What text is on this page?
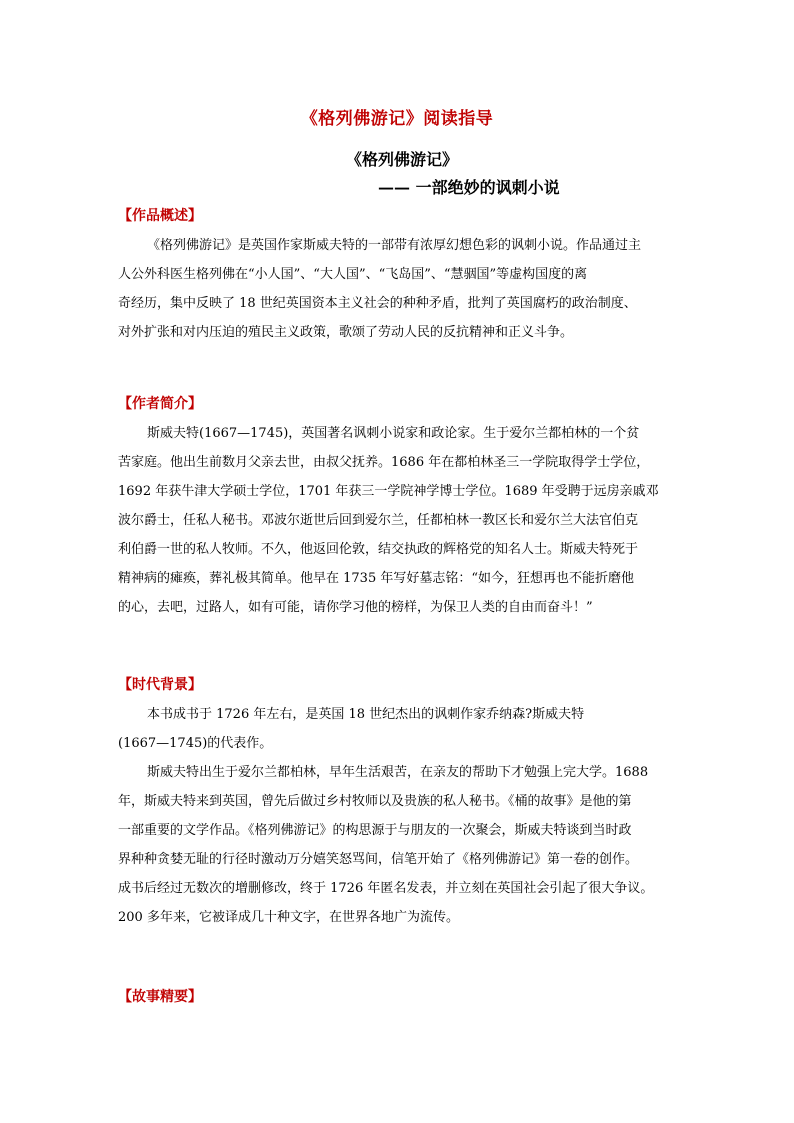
《格列佛游记》阅读指导
《格列佛游记》
—— 一部绝妙的讽刺小说
【作品概述】
《格列佛游记》是英国作家斯威夫特的一部带有浓厚幻想色彩的讽刺小说。作品通过主
人公外科医生格列佛在“小人国”、“大人国”、“飞岛国”、“慧骃国”等虚构国度的离
奇经历，集中反映了 18 世纪英国资本主义社会的种种矛盾，批判了英国腐朽的政治制度、
对外扩张和对内压迫的殖民主义政策，歌颂了劳动人民的反抗精神和正义斗争。
【作者简介】
斯威夫特(1667—1745)，英国著名讽刺小说家和政论家。生于爱尔兰都柏林的一个贫
苦家庭。他出生前数月父亲去世，由叔父抚养。1686 年在都柏林圣三一学院取得学士学位，
1692 年获牛津大学硕士学位，1701 年获三一学院神学博士学位。1689 年受聘于远房亲戚邓
波尔爵士，任私人秘书。邓波尔逝世后回到爱尔兰，任都柏林一教区长和爱尔兰大法官伯克
利伯爵一世的私人牧师。不久，他返回伦敦，结交执政的辉格党的知名人士。斯威夫特死于
精神病的瘫痪，葬礼极其简单。他早在 1735 年写好墓志铭：“如今，狂想再也不能折磨他
的心，去吧，过路人，如有可能，请你学习他的榜样，为保卫人类的自由而奋斗！”
【时代背景】
本书成书于 1726 年左右，是英国 18 世纪杰出的讽刺作家乔纳森?斯威夫特
(1667—1745)的代表作。
斯威夫特出生于爱尔兰都柏林，早年生活艰苦，在亲友的帮助下才勉强上完大学。1688
年，斯威夫特来到英国，曾先后做过乡村牧师以及贵族的私人秘书。《桶的故事》是他的第
一部重要的文学作品。《格列佛游记》的构思源于与朋友的一次聚会，斯威夫特谈到当时政
界种种贪婪无耻的行径时激动万分嬉笑怒骂间，信笔开始了《格列佛游记》第一卷的创作。
成书后经过无数次的增删修改，终于 1726 年匿名发表，并立刻在英国社会引起了很大争议。
200 多年来，它被译成几十种文字，在世界各地广为流传。
【故事精要】
